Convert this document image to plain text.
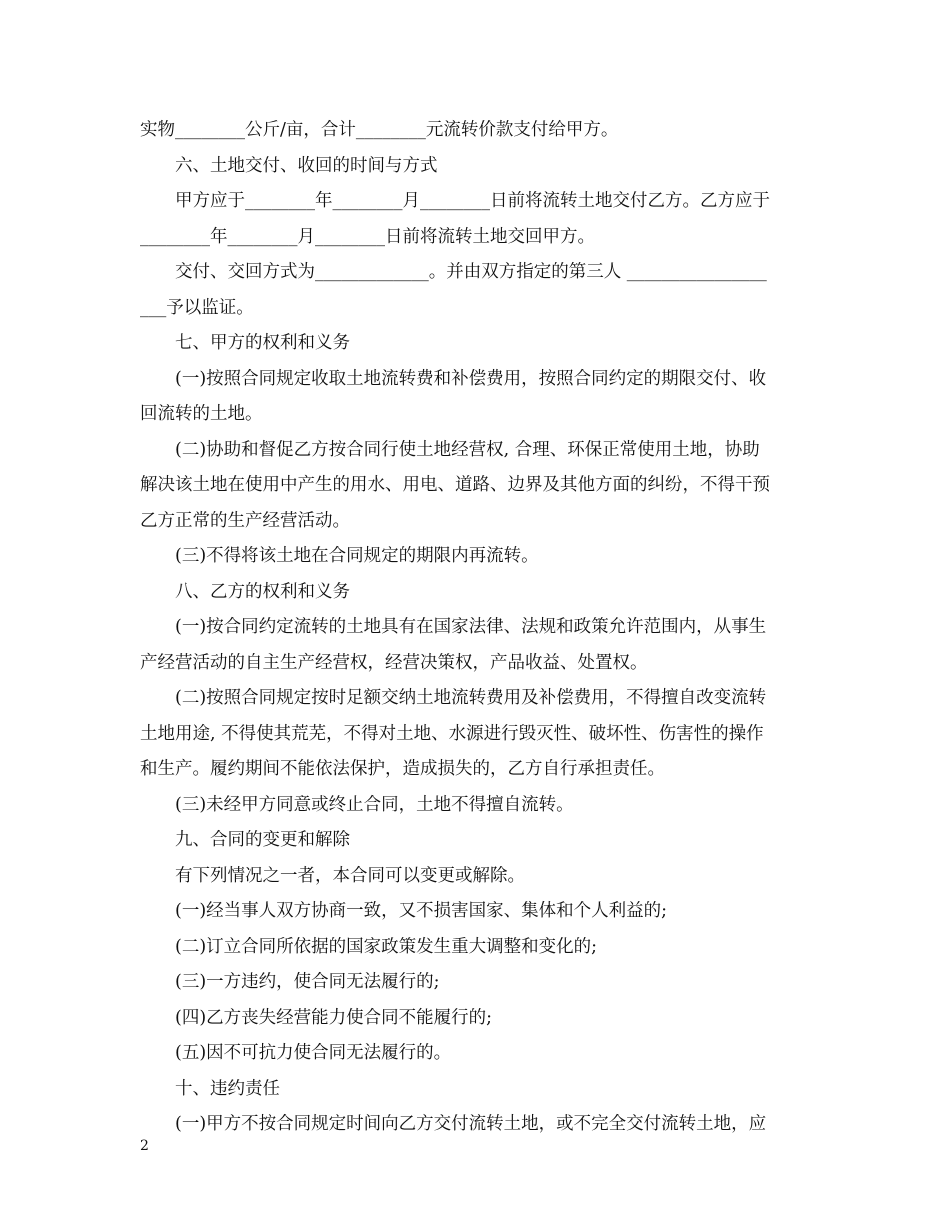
实物________公斤/亩，合计________元流转价款支付给甲方。
六、土地交付、收回的时间与方式
甲方应于________年________月________日前将流转土地交付乙方。乙方应于
________年________月________日前将流转土地交回甲方。
交付、交回方式为_____________。并由双方指定的第三人 ________________
___予以监证。
七、甲方的权利和义务
(一)按照合同规定收取土地流转费和补偿费用，按照合同约定的期限交付、收
回流转的土地。
(二)协助和督促乙方按合同行使土地经营权, 合理、环保正常使用土地，协助
解决该土地在使用中产生的用水、用电、道路、边界及其他方面的纠纷，不得干预
乙方正常的生产经营活动。
(三)不得将该土地在合同规定的期限内再流转。
八、乙方的权利和义务
(一)按合同约定流转的土地具有在国家法律、法规和政策允许范围内，从事生
产经营活动的自主生产经营权，经营决策权，产品收益、处置权。
(二)按照合同规定按时足额交纳土地流转费用及补偿费用，不得擅自改变流转
土地用途, 不得使其荒芜，不得对土地、水源进行毁灭性、破坏性、伤害性的操作
和生产。履约期间不能依法保护，造成损失的，乙方自行承担责任。
(三)未经甲方同意或终止合同，土地不得擅自流转。
九、合同的变更和解除
有下列情况之一者，本合同可以变更或解除。
(一)经当事人双方协商一致，又不损害国家、集体和个人利益的;
(二)订立合同所依据的国家政策发生重大调整和变化的;
(三)一方违约，使合同无法履行的;
(四)乙方丧失经营能力使合同不能履行的;
(五)因不可抗力使合同无法履行的。
十、违约责任
(一)甲方不按合同规定时间向乙方交付流转土地，或不完全交付流转土地，应
2
